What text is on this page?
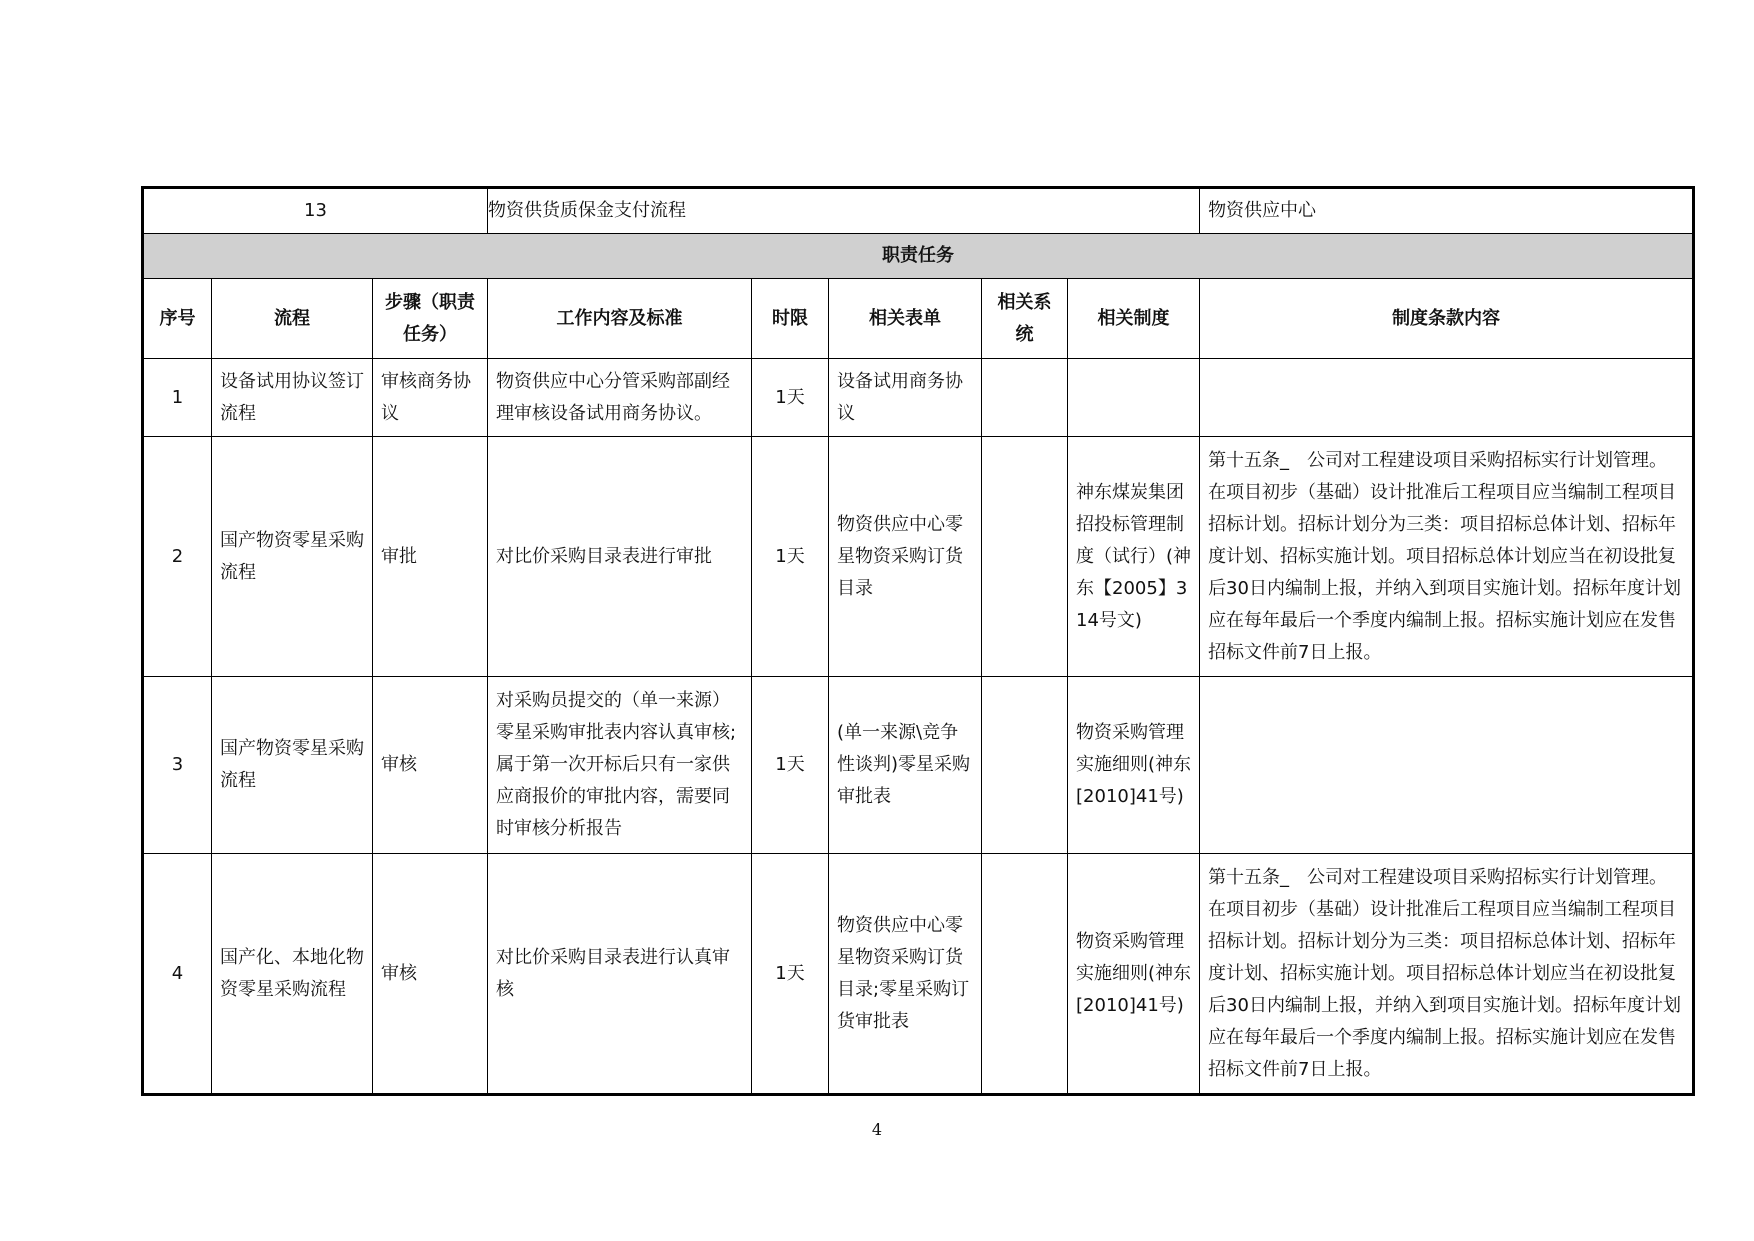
13			物资供货质保金支付流程					物资供应中心
职责任务								
序号	流程	步骤（职责任务）	工作内容及标准	时限	相关表单	相关系统	相关制度	制度条款内容
1	设备试用协议签订流程	审核商务协议	物资供应中心分管采购部副经理审核设备试用商务协议。	1天	设备试用商务协议			
2	国产物资零星采购流程	审批	对比价采购目录表进行审批	1天	物资供应中心零星物资采购订货目录		神东煤炭集团招投标管理制度（试行）(神东【2005】314号文)	第十五条_　公司对工程建设项目采购招标实行计划管理。在项目初步（基础）设计批准后工程项目应当编制工程项目招标计划。招标计划分为三类：项目招标总体计划、招标年度计划、招标实施计划。项目招标总体计划应当在初设批复后30日内编制上报，并纳入到项目实施计划。招标年度计划应在每年最后一个季度内编制上报。招标实施计划应在发售招标文件前7日上报。
3	国产物资零星采购流程	审核	对采购员提交的（单一来源）零星采购审批表内容认真审核;属于第一次开标后只有一家供应商报价的审批内容，需要同时审核分析报告	1天	(单一来源\竞争性谈判)零星采购审批表		物资采购管理实施细则(神东[2010]41号)	
4	国产化、本地化物资零星采购流程	审核	对比价采购目录表进行认真审核	1天	物资供应中心零星物资采购订货目录;零星采购订货审批表		物资采购管理实施细则(神东[2010]41号)	第十五条_　公司对工程建设项目采购招标实行计划管理。在项目初步（基础）设计批准后工程项目应当编制工程项目招标计划。招标计划分为三类：项目招标总体计划、招标年度计划、招标实施计划。项目招标总体计划应当在初设批复后30日内编制上报，并纳入到项目实施计划。招标年度计划应在每年最后一个季度内编制上报。招标实施计划应在发售招标文件前7日上报。
4
